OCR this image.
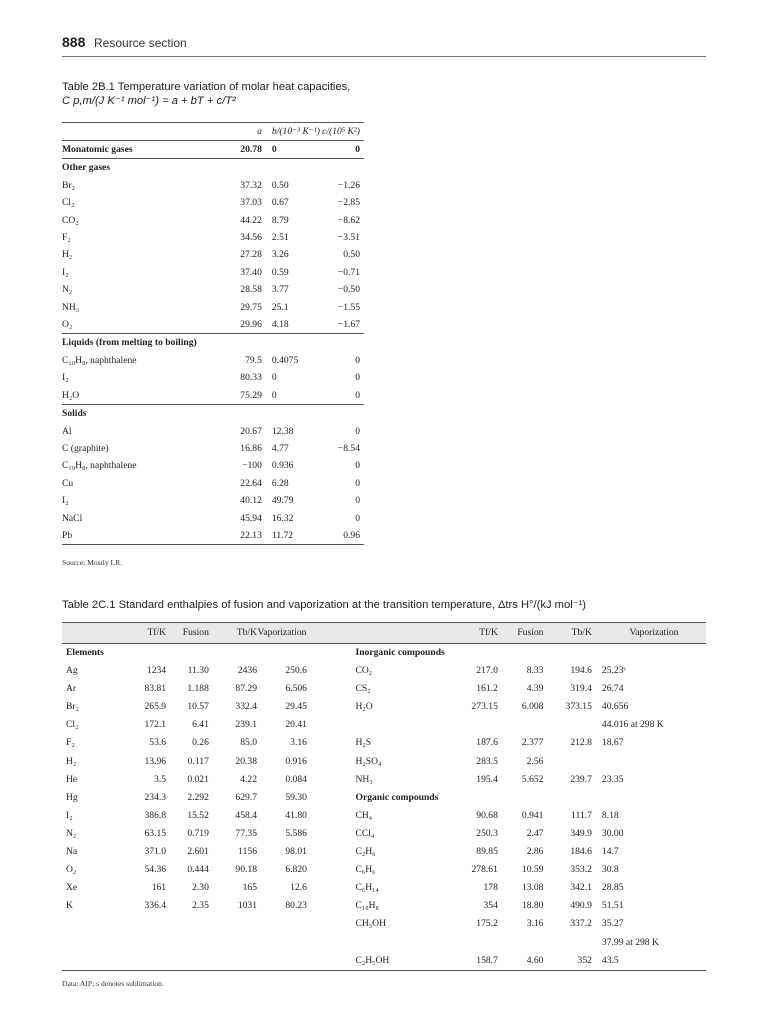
888 Resource section
Table 2B.1 Temperature variation of molar heat capacities,
C p,m/(J K⁻¹ mol⁻¹) = a + bT + c/T²
	a	b/(10⁻³ K⁻¹)	c/(10⁵ K²)
Monatomic gases	20.78	0	0
Other gases			
Br₂	37.32	0.50	−1.26
Cl₂	37.03	0.67	−2.85
CO₂	44.22	8.79	−8.62
F₂	34.56	2.51	−3.51
H₂	27.28	3.26	0.50
I₂	37.40	0.59	−0.71
N₂	28.58	3.77	−0.50
NH₃	29.75	25.1	−1.55
O₂	29.96	4.18	−1.67
Liquids (from melting to boiling)			
C₁₀H₈, naphthalene	79.5	0.4075	0
I₂	80.33	0	0
H₂O	75.29	0	0
Solids			
Al	20.67	12.38	0
C (graphite)	16.86	4.77	−8.54
C₁₀H₈, naphthalene	−100	0.936	0
Cu	22.64	6.28	0
I₂	40.12	49.79	0
NaCl	45.94	16.32	0
Pb	22.13	11.72	0.96
Source: Mostly LR.
Table 2C.1 Standard enthalpies of fusion and vaporization at the transition temperature, Δtrs H°/(kJ mol⁻¹)
	Tf/K	Fusion	Tb/K	Vaporization			Tf/K	Fusion	Tb/K	Vaporization
Elements						Inorganic compounds				
Ag	1234	11.30	2436	250.6		CO₂	217.0	8.33	194.6	25.23ˢ
Ar	83.81	1.188	87.29	6.506		CS₂	161.2	4.39	319.4	26.74
Br₂	265.9	10.57	332.4	29.45		H₂O	273.15	6.008	373.15	40.656
Cl₂	172.1	6.41	239.1	20.41						44.016 at 298 K
F₂	53.6	0.26	85.0	3.16		H₂S	187.6	2.377	212.8	18.67
H₂	13.96	0.117	20.38	0.916		H₂SO₄	283.5	2.56		
He	3.5	0.021	4.22	0.084		NH₃	195.4	5.652	239.7	23.35
Hg	234.3	2.292	629.7	59.30		Organic compounds				
I₂	386.8	15.52	458.4	41.80		CH₄	90.68	0.941	111.7	8.18
N₂	63.15	0.719	77.35	5.586		CCl₄	250.3	2.47	349.9	30.00
Na	371.0	2.601	1156	98.01		C₂H₆	89.85	2.86	184.6	14.7
O₂	54.36	0.444	90.18	6.820		C₆H₆	278.61	10.59	353.2	30.8
Xe	161	2.30	165	12.6		C₆H₁₄	178	13.08	342.1	28.85
K	336.4	2.35	1031	80.23		C₁₀H₈	354	18.80	490.9	51.51
						CH₃OH	175.2	3.16	337.2	35.27
										37.99 at 298 K
						C₂H₅OH	158.7	4.60	352	43.5
Data: AIP; s denotes sublimation.
